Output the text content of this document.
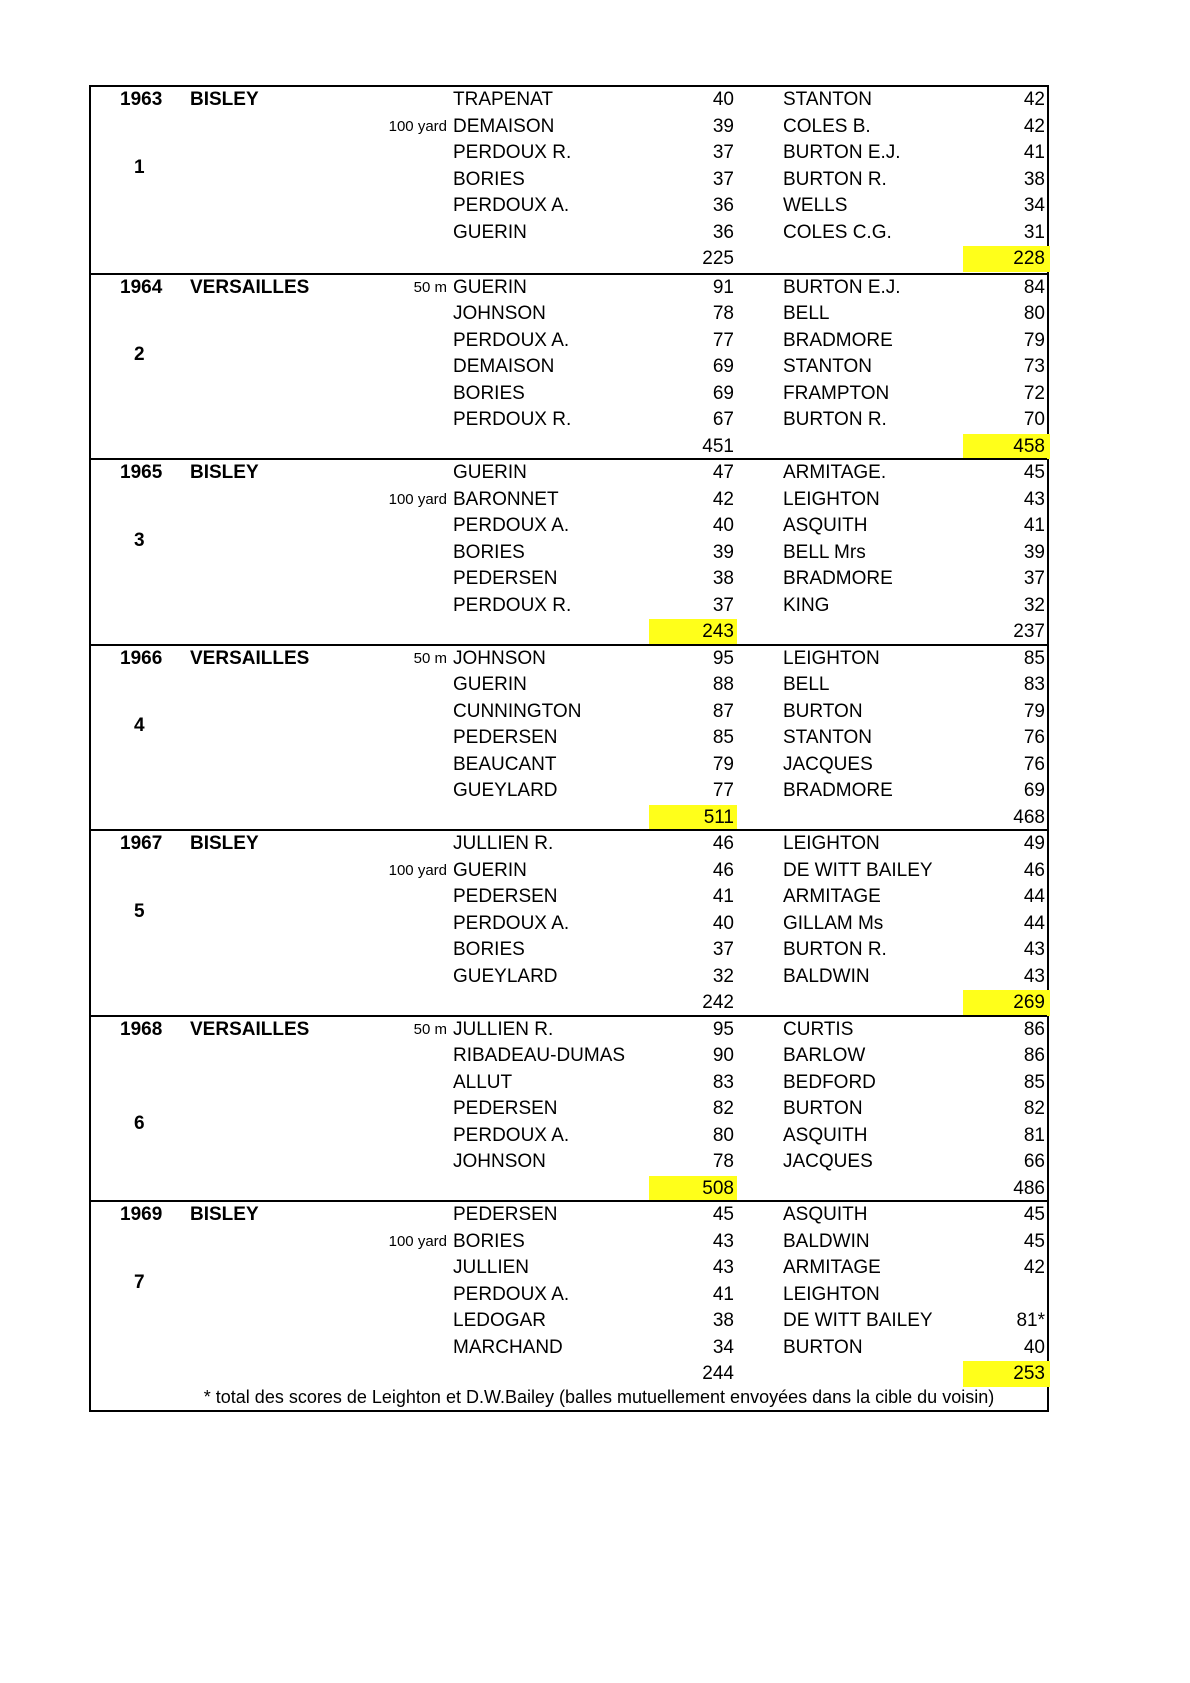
1963 BISLEY	TRAPENAT	40	STANTON	42
100 yard DEMAISON	39	COLES B.	42
PERDOUX R.	37	BURTON E.J.	41
BORIES	37	BURTON R.	38
PERDOUX A.	36	WELLS	34
GUERIN	36	COLES C.G.	31
1
225	228
1964 VERSAILLES	50 m GUERIN	91	BURTON E.J.	84
JOHNSON	78	BELL	80
PERDOUX A.	77	BRADMORE	79
DEMAISON	69	STANTON	73
BORIES	69	FRAMPTON	72
PERDOUX R.	67	BURTON R.	70
2
451	458
1965 BISLEY	GUERIN	47	ARMITAGE.	45
100 yard BARONNET	42	LEIGHTON	43
PERDOUX A.	40	ASQUITH	41
BORIES	39	BELL Mrs	39
PEDERSEN	38	BRADMORE	37
PERDOUX R.	37	KING	32
3
243	237
1966 VERSAILLES	50 m JOHNSON	95	LEIGHTON	85
GUERIN	88	BELL	83
CUNNINGTON	87	BURTON	79
PEDERSEN	85	STANTON	76
BEAUCANT	79	JACQUES	76
GUEYLARD	77	BRADMORE	69
4
511	468
1967 BISLEY	JULLIEN R.	46	LEIGHTON	49
100 yard GUERIN	46	DE WITT BAILEY	46
PEDERSEN	41	ARMITAGE	44
PERDOUX A.	40	GILLAM Ms	44
BORIES	37	BURTON R.	43
GUEYLARD	32	BALDWIN	43
5
242	269
1968 VERSAILLES	50 m JULLIEN R.	95	CURTIS	86
RIBADEAU-DUMAS	90	BARLOW	86
ALLUT	83	BEDFORD	85
PEDERSEN	82	BURTON	82
PERDOUX A.	80	ASQUITH	81
JOHNSON	78	JACQUES	66
6
508	486
1969 BISLEY	PEDERSEN	45	ASQUITH	45
100 yard BORIES	43	BALDWIN	45
JULLIEN	43	ARMITAGE	42
PERDOUX A.	41	LEIGHTON
LEDOGAR	38	DE WITT BAILEY	81*
MARCHAND	34	BURTON	40
7
244	253
* total des scores de Leighton et D.W.Bailey (balles mutuellement envoyées dans la cible du voisin)
